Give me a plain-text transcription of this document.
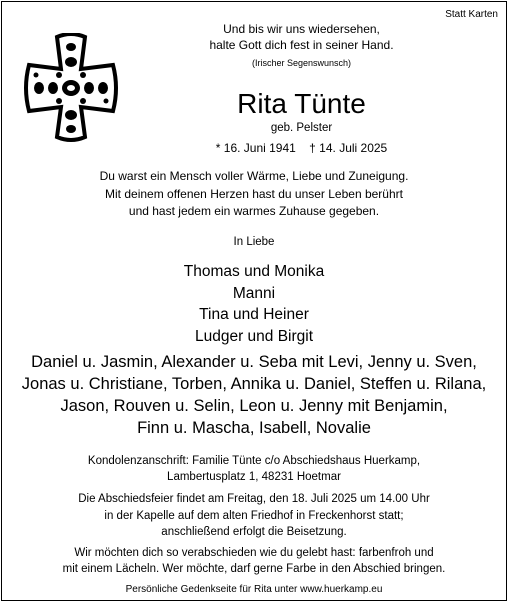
Statt Karten
Und bis wir uns wiedersehen,
halte Gott dich fest in seiner Hand.
(Irischer Segenswunsch)
Rita Tünte
geb. Pelster
* 16. Juni 1941    † 14. Juli 2025
Du warst ein Mensch voller Wärme, Liebe und Zuneigung.
Mit deinem offenen Herzen hast du unser Leben berührt
und hast jedem ein warmes Zuhause gegeben.
In Liebe
Thomas und Monika
Manni
Tina und Heiner
Ludger und Birgit
Daniel u. Jasmin, Alexander u. Seba mit Levi, Jenny u. Sven,
Jonas u. Christiane, Torben, Annika u. Daniel, Steffen u. Rilana,
Jason, Rouven u. Selin, Leon u. Jenny mit Benjamin,
Finn u. Mascha, Isabell, Novalie
Kondolenzanschrift: Familie Tünte c/o Abschiedshaus Huerkamp,
Lambertusplatz 1, 48231 Hoetmar
Die Abschiedsfeier findet am Freitag, den 18. Juli 2025 um 14.00 Uhr
in der Kapelle auf dem alten Friedhof in Freckenhorst statt;
anschließend erfolgt die Beisetzung.
Wir möchten dich so verabschieden wie du gelebt hast: farbenfroh und
mit einem Lächeln. Wer möchte, darf gerne Farbe in den Abschied bringen.
Persönliche Gedenkseite für Rita unter www.huerkamp.eu
